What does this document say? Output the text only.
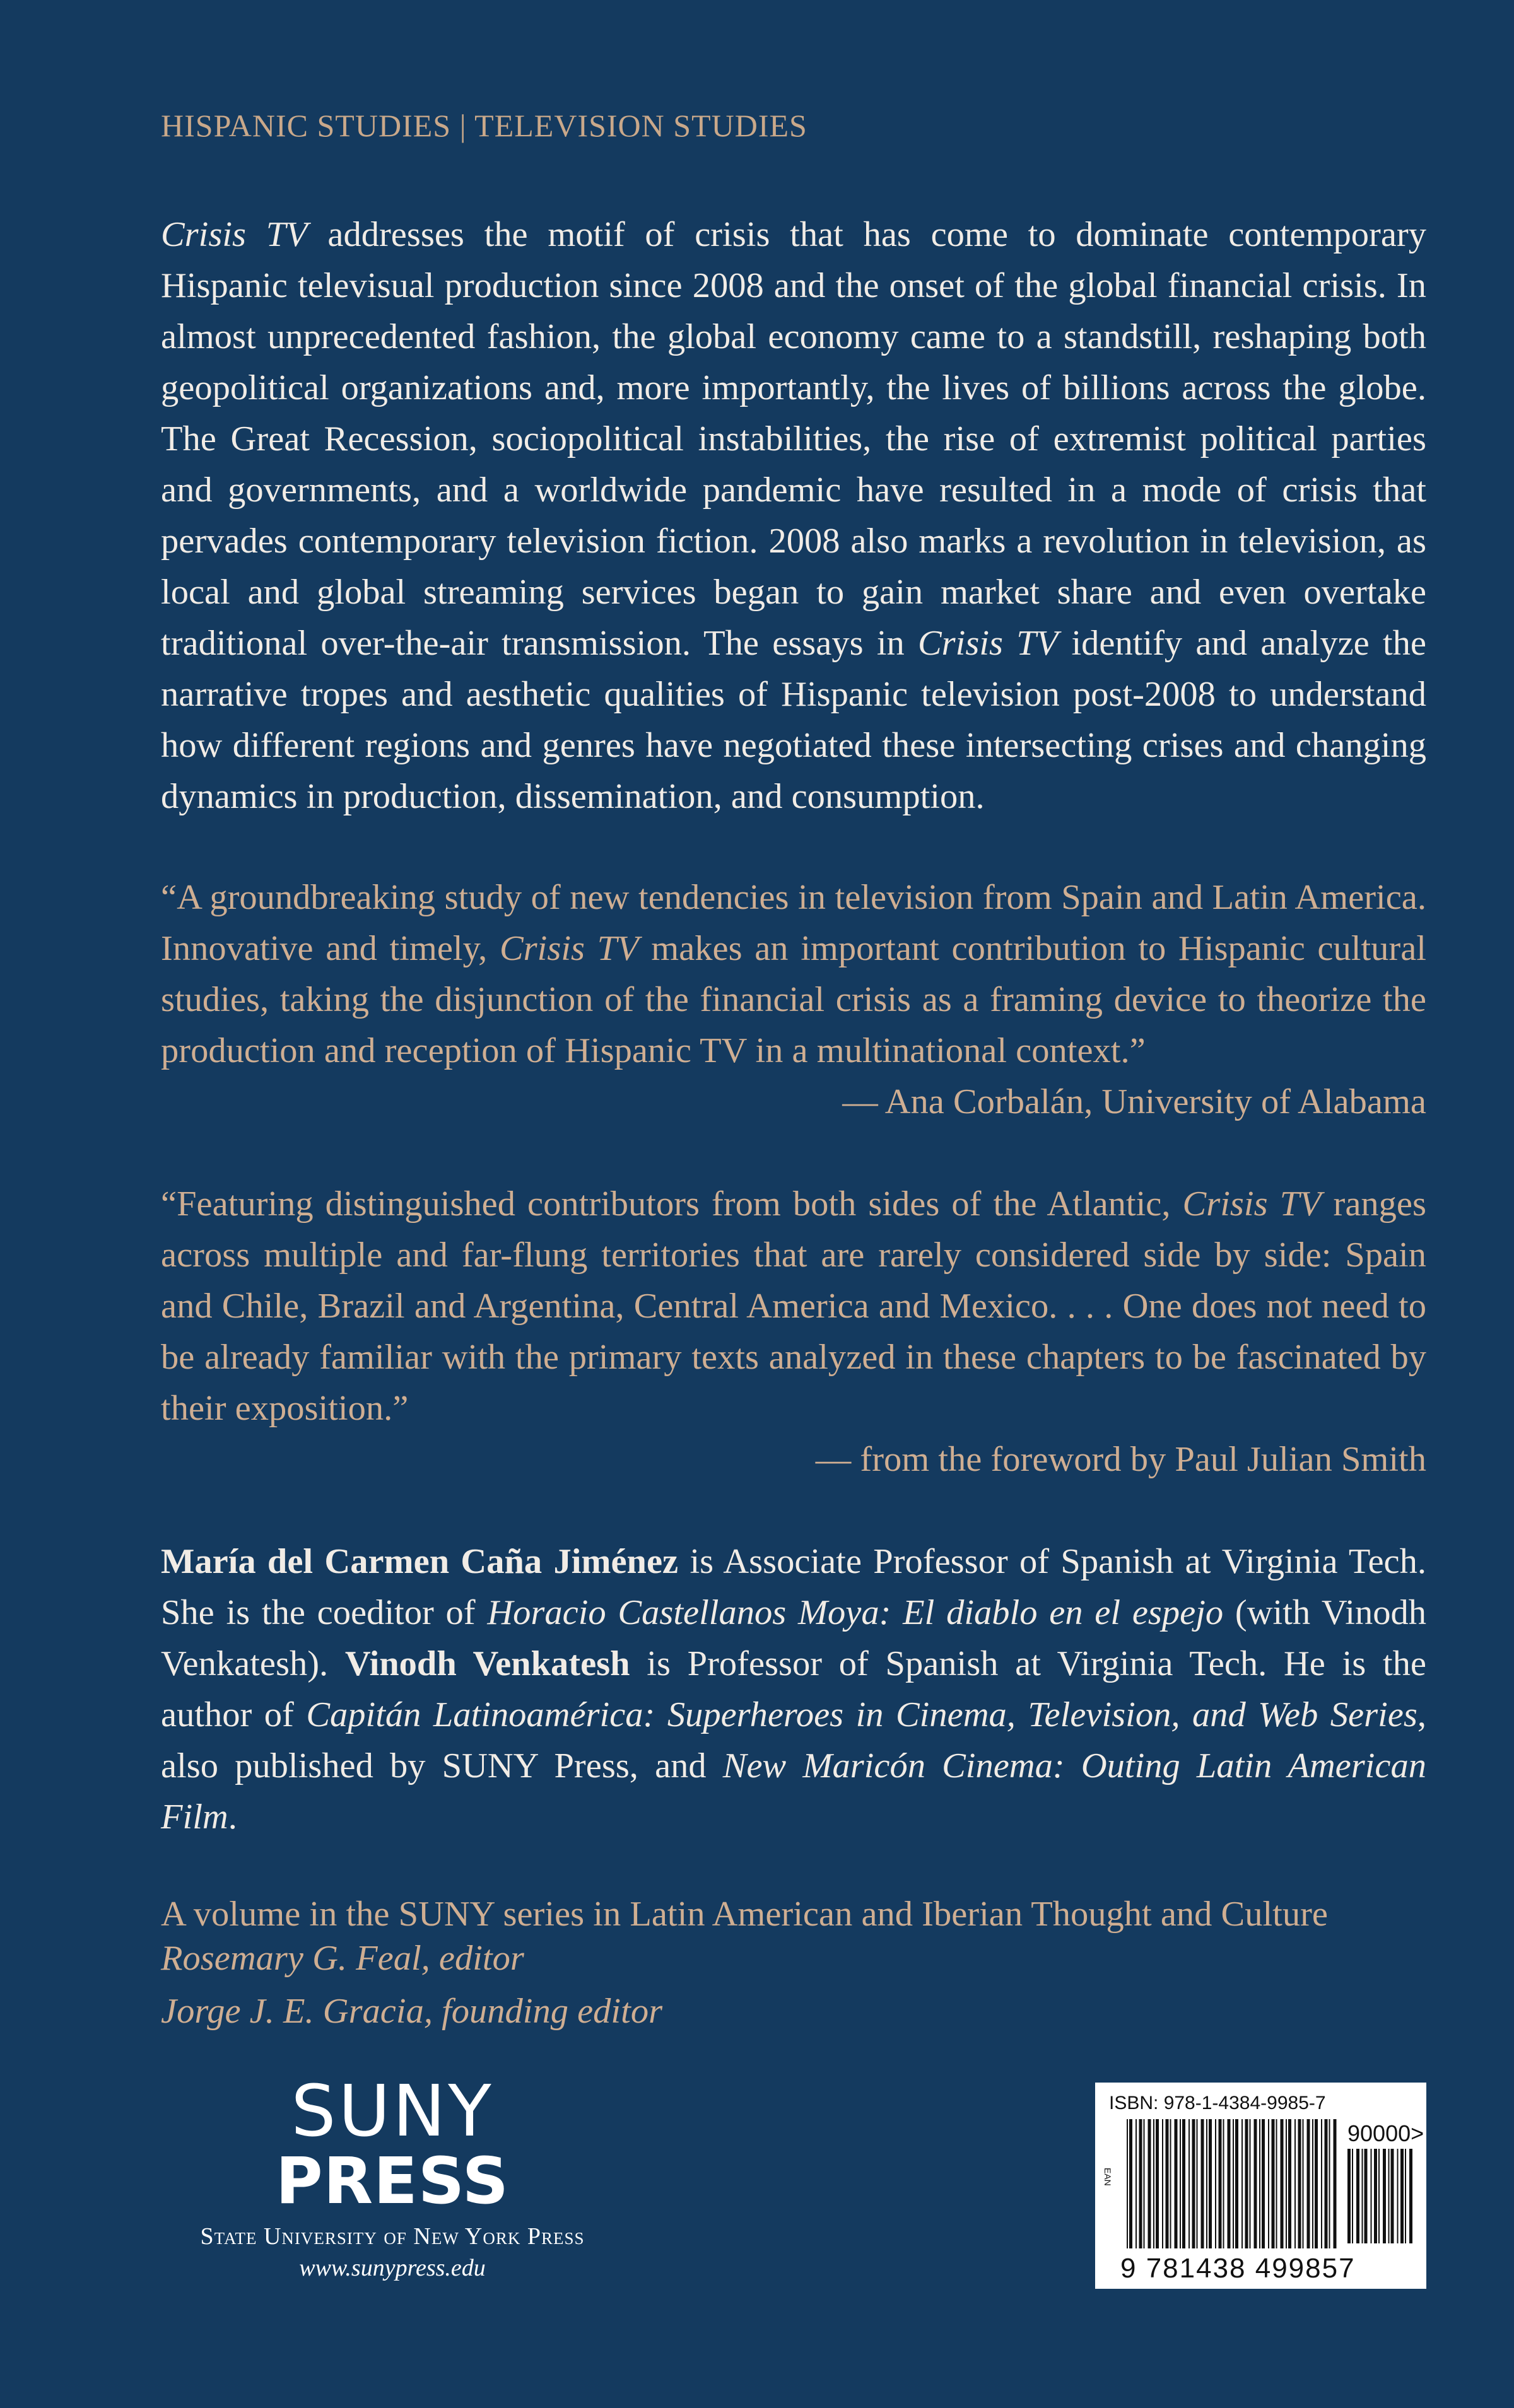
HISPANIC STUDIES | TELEVISION STUDIES
Crisis TV addresses the motif of crisis that has come to dominate contemporary Hispanic televisual production since 2008 and the onset of the global financial crisis. In almost unprecedented fashion, the global economy came to a standstill, reshaping both geopolitical organizations and, more importantly, the lives of billions across the globe. The Great Recession, sociopolitical instabilities, the rise of extremist political parties and governments, and a worldwide pandemic have resulted in a mode of crisis that pervades contemporary television fiction. 2008 also marks a revolution in television, as local and global streaming services began to gain market share and even overtake traditional over-the-air transmission. The essays in Crisis TV identify and analyze the narrative tropes and aesthetic qualities of Hispanic television post-2008 to understand how different regions and genres have negotiated these intersecting crises and changing dynamics in production, dissemination, and consumption.
“A groundbreaking study of new tendencies in television from Spain and Latin America. Innovative and timely, Crisis TV makes an important contribution to Hispanic cultural studies, taking the disjunction of the financial crisis as a framing device to theorize the production and reception of Hispanic TV in a multinational context.”
— Ana Corbalán, University of Alabama
“Featuring distinguished contributors from both sides of the Atlantic, Crisis TV ranges across multiple and far-flung territories that are rarely considered side by side: Spain and Chile, Brazil and Argentina, Central America and Mexico. . . . One does not need to be already familiar with the primary texts analyzed in these chapters to be fascinated by their exposition.”
— from the foreword by Paul Julian Smith
María del Carmen Caña Jiménez is Associate Professor of Spanish at Virginia Tech. She is the coeditor of Horacio Castellanos Moya: El diablo en el espejo (with Vinodh Venkatesh). Vinodh Venkatesh is Professor of Spanish at Virginia Tech. He is the author of Capitán Latinoamérica: Superheroes in Cinema, Television, and Web Series, also published by SUNY Press, and New Maricón Cinema: Outing Latin American Film.
A volume in the SUNY series in Latin American and Iberian Thought and Culture
Rosemary G. Feal, editor
Jorge J. E. Gracia, founding editor
SUNY
PRESS
State University of New York Press
www.sunypress.edu
ISBN: 978-1-4384-9985-7
EAN
90000>
9 781438 499857
